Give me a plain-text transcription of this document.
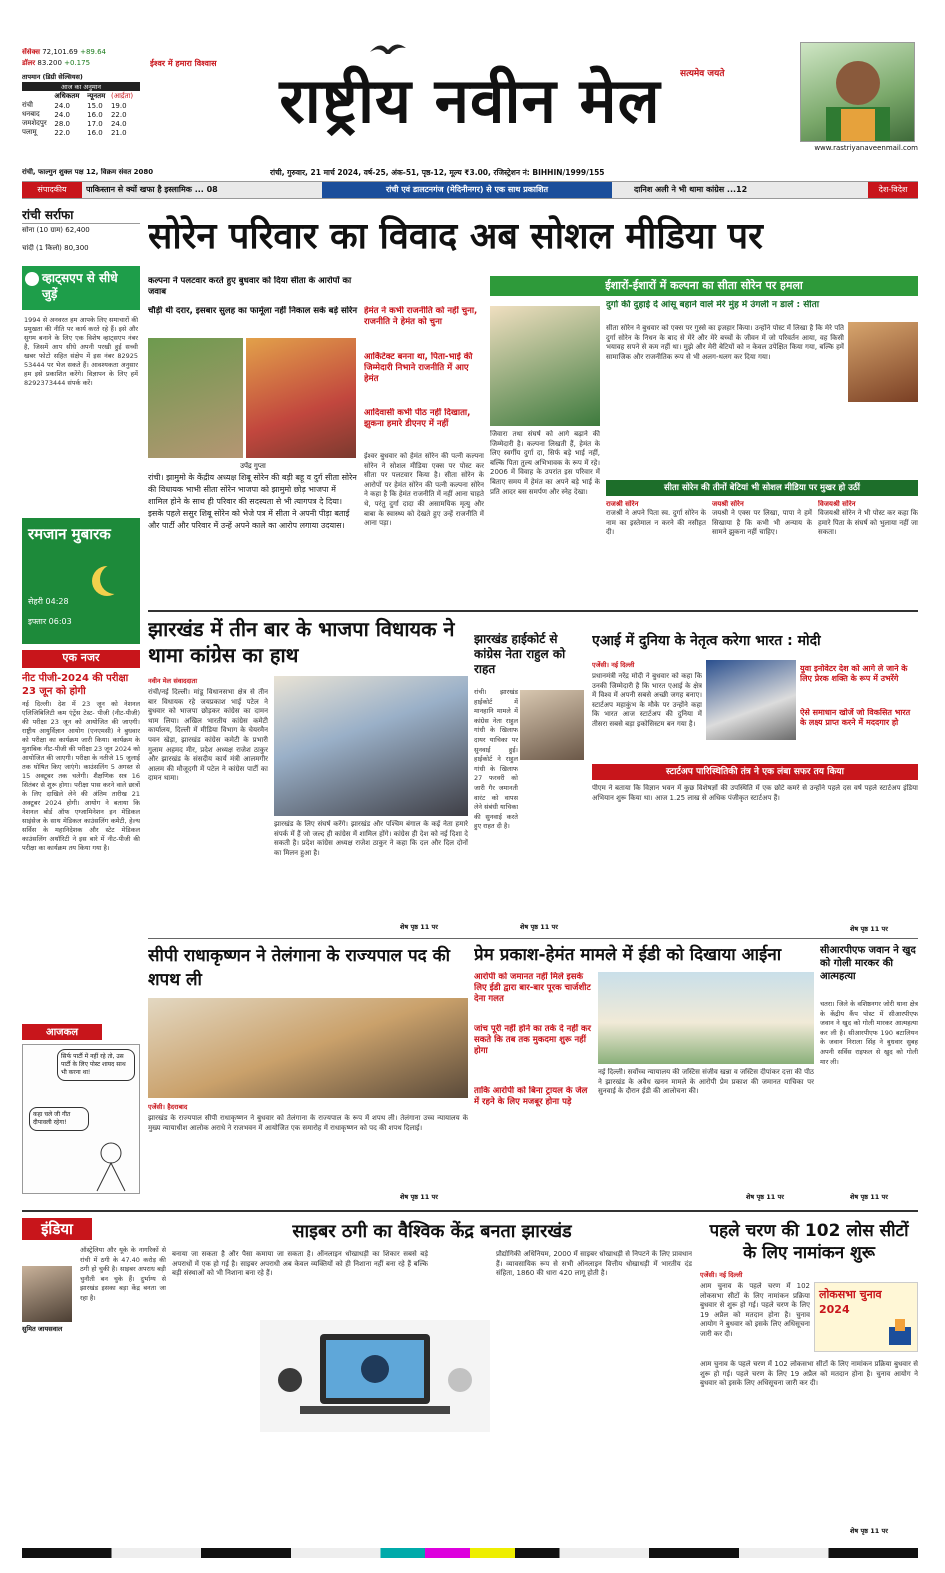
सेंसेक्स 72,101.69 +89.64
डॉलर 83.200 +0.175
तापमान (डिग्री सेल्सियस)
आज का अनुमान
	अधिकतम	न्यूनतम	(आर्द्रता)
रांची	24.0	15.0	19.0
धनबाद	24.0	16.0	22.0
जमशेदपुर	28.0	17.0	24.0
पलामू	22.0	16.0	21.0
ईश्वर में हमारा विश्वास
सत्यमेव जयते
राष्ट्रीय नवीन मेल
www.rastriyanaveenmail.com
रांची, फाल्गुन शुक्ल पक्ष 12, विक्रम संवत 2080	रांची, गुरुवार, 21 मार्च 2024, वर्ष-25, अंक-51, पृष्ठ-12, मूल्य ₹3.00, रजिस्ट्रेशन नं: BIHHIN/1999/155
संपादकीय	पाकिस्तान से क्यों खफा है इस्लामिक ... 08	रांची एवं डालटनगंज (मेदिनीनगर) से एक साथ प्रकाशित	दानिश अली ने भी थामा कांग्रेस ...12	देश-विदेश
रांची सर्राफा
सोना (10 ग्राम) 62,400
चांदी (1 किलो) 80,300
व्हाट्सएप से सीधे जुड़ें
1994 से अनवरत हम आपके लिए समाचारों की प्रमुखता की नीति पर कार्य करते रहे हैं। इसे और सुगम बनाने के लिए एक विशेष व्हाट्सएप नंबर है, जिसमें आप सीधे अपनी परखी हुई सच्ची खबर फोटो सहित संक्षेप में इस नंबर 82925 53444 पर भेज सकते हैं। आवश्यकता अनुसार हम इसे प्रकाशित करेंगे। विज्ञापन के लिए हमें 8292373444 संपर्क करें।
रमजान मुबारक
सेहरी 04:28
इफ्तार 06:03
एक नजर
नीट पीजी-2024 की परीक्षा 23 जून को होगी
नई दिल्ली। देश में 23 जून को नेशनल एलिजिबिलिटी कम एंट्रेंस टेस्ट- पीजी (नीट-पीजी) की परीक्षा 23 जून को आयोजित की जाएगी। राष्ट्रीय आयुर्विज्ञान आयोग (एनएमसी) ने बुधवार को परीक्षा का कार्यक्रम जारी किया। कार्यक्रम के मुताबिक नीट-पीजी की परीक्षा 23 जून 2024 को आयोजित की जाएगी। परीक्षा के नतीजे 15 जुलाई तक घोषित किए जाएंगे। काउंसलिंग 5 अगस्त से 15 अक्टूबर तक चलेगी। शैक्षणिक सत्र 16 सितंबर से शुरू होगा। परीक्षा पास करने वाले छात्रों के लिए दाखिले लेने की अंतिम तारीख 21 अक्टूबर 2024 होगी। आयोग ने बताया कि नेशनल बोर्ड ऑफ एग्जामिनेशन इन मेडिकल साइंसेज के साथ मेडिकल काउंसलिंग कमेटी, हेल्थ सर्विस के महानिदेशक और स्टेट मेडिकल काउंसलिंग अथॉरिटी ने इस बारे में नीट-पीजी की परीक्षा का कार्यक्रम तय किया गया है।
आजकल
सिर्फ पार्टी में नहीं रहे तो, उस पार्टी के लिए पोस्ट शायद साथ भी करना था!
कहा चले जी गीत दीपावली रहेगा!
सोरेन परिवार का विवाद अब सोशल मीडिया पर
कल्पना ने पलटवार करते हुए बुधवार को दिया सीता के आरोपों का जवाब
चौड़ी थी दरार, इसबार सुलह का फार्मूला नहीं निकाल सके बड़े सोरेन
उपेंद्र गुप्ता
रांची। झामुमो के केंद्रीय अध्यक्ष शिबू सोरेन की बड़ी बहू व दुर्ग सीता सोरेन की विधायक भाभी सीता सोरेन भाजपा को झामुमो छोड़ भाजपा में शामिल होने के साथ ही परिवार की सदस्यता से भी त्यागपत्र दे दिया। इसके पहले ससुर शिबू सोरेन को भेजे पत्र में सीता ने अपनी पीड़ा बताई और पार्टी और परिवार में उन्हें अपने काले का आरोप लगाया उदयास।
हेमंत ने कभी राजनीति को नहीं चुना, राजनीति ने हेमंत को चुना
आर्किटेक्ट बनना था, पिता-भाई की जिम्मेदारी निभाने राजनीति में आए हेमंत
आदिवासी कभी पीठ नहीं दिखाता, झुकना हमारे डीएनए में नहीं
ईश्वर बुधवार को हेमंत सोरेन की पत्नी कल्पना सोरेन ने सोशल मीडिया एक्स पर पोस्ट कर सीता पर पलटवार किया है। सीता सोरेन के आरोपों पर हेमंत सोरेन की पत्नी कल्पना सोरेन ने कहा है कि हेमंत राजनीति में नहीं आना चाहते थे, परंतु दुर्गा दादा की असामयिक मृत्यु और बाबा के स्वास्थ्य को देखते हुए उन्हें राजनीति में आना पड़ा।
ईशारों-ईशारों में कल्पना का सीता सोरेन पर हमला
जिवारा तथा संघर्ष को आगे बढ़ाने की जिम्मेदारी है। कल्पना लिखती हैं, हेमंत के लिए स्वर्गीय दुर्गा दा, सिर्फ बड़े भाई नहीं, बल्कि पिता तुल्य अभिभावक के रूप में रहे। 2006 में विवाह के उपरांत इस परिवार में बिताए समय में हेमंत का अपने बड़े भाई के प्रति आदर बस समर्पण और स्नेह देखा।
दुर्गा की दुहाई दे आंसू बहाने वाले मेरे मुंह में उंगली न डालें : सीता
सीता सोरेन ने बुधवार को एक्स पर गुस्से का इजहार किया। उन्होंने पोस्ट में लिखा है कि मेरे पति दुर्गा सोरेन के निधन के बाद से मेरे और मेरे बच्चों के जीवन में जो परिवर्तन आया, वह किसी भयावह सपने से कम नहीं था। मुझे और मेरी बेटियों को न केवल उपेक्षित किया गया, बल्कि हमें सामाजिक और राजनीतिक रूप से भी अलग-थलग कर दिया गया।
सीता सोरेन की तीनों बेटियां भी सोशल मीडिया पर मुखर हो उठीं
राजश्री सोरेन
राजश्री ने अपने पिता स्व. दुर्गा सोरेन के नाम का इस्तेमाल न करने की नसीहत दी।
जयश्री सोरेन
जयश्री ने एक्स पर लिखा, पापा ने हमें सिखाया है कि कभी भी अन्याय के सामने झुकना नहीं चाहिए।
विजयश्री सोरेन
विजयश्री सोरेन ने भी पोस्ट कर कहा कि हमारे पिता के संघर्ष को भुलाया नहीं जा सकता।
झारखंड में तीन बार के भाजपा विधायक ने थामा कांग्रेस का हाथ
नवीन मेल संवाददाता
रांची/नई दिल्ली। मांडू विधानसभा क्षेत्र से तीन बार विधायक रहे जयप्रकाश भाई पटेल ने बुधवार को भाजपा छोड़कर कांग्रेस का दामन थाम लिया। अखिल भारतीय कांग्रेस कमेटी कार्यालय, दिल्ली में मीडिया विभाग के चेयरमैन पवन खेड़ा, झारखंड कांग्रेस कमेटी के प्रभारी गुलाम अहमद मीर, प्रदेश अध्यक्ष राजेश ठाकुर और झारखंड के संसदीय कार्य मंत्री आलमगीर आलम की मौजूदगी में पटेल ने कांग्रेस पार्टी का दामन थामा।
झारखंड के लिए संघर्ष करेंगे। झारखंड और पश्चिम बंगाल के कई नेता हमारे संपर्क में हैं जो जल्द ही कांग्रेस में शामिल होंगे। कांग्रेस ही देश को नई दिशा दे सकती है। प्रदेश कांग्रेस अध्यक्ष राजेश ठाकुर ने कहा कि दल और दिल दोनों का मिलन हुआ है।
शेष पृष्ठ 11 पर
झारखंड हाईकोर्ट से कांग्रेस नेता राहुल को राहत
रांची। झारखंड हाईकोर्ट में मानहानि मामले में कांग्रेस नेता राहुल गांधी के खिलाफ दायर याचिका पर सुनवाई हुई। हाईकोर्ट ने राहुल गांधी के खिलाफ 27 फरवरी को जारी गैर जमानती वारंट को वापस लेने संबंधी याचिका की सुनवाई करते हुए राहत दी है।
शेष पृष्ठ 11 पर
एआई में दुनिया के नेतृत्व करेगा भारत : मोदी
एजेंसी। नई दिल्ली
प्रधानमंत्री नरेंद्र मोदी ने बुधवार को कहा कि उनकी जिम्मेदारी है कि भारत एआई के क्षेत्र में विश्व में अपनी सबसे अच्छी जगह बनाए। स्टार्टअप महाकुंभ के मौके पर उन्होंने कहा कि भारत आज स्टार्टअप की दुनिया में तीसरा सबसे बड़ा इकोसिस्टम बन गया है।
युवा इनोवेटर देश को आगे ले जाने के लिए प्रेरक शक्ति के रूप में उभरेंगे
ऐसे समाधान खोजें जो विकसित भारत के लक्ष्य प्राप्त करने में मददगार हो
स्टार्टअप पारिस्थितिकी तंत्र ने एक लंबा सफर तय किया
पीएम ने बताया कि विज्ञान भवन में कुछ विशेषज्ञों की उपस्थिति में एक छोटे कमरे से उन्होंने पहले दस वर्ष पहले स्टार्टअप इंडिया अभियान शुरू किया था। आज 1.25 लाख से अधिक पंजीकृत स्टार्टअप हैं।
शेष पृष्ठ 11 पर
सीपी राधाकृष्णन ने तेलंगाना के राज्यपाल पद की शपथ ली
एजेंसी। हैदराबाद
झारखंड के राज्यपाल सीपी राधाकृष्णन ने बुधवार को तेलंगाना के राज्यपाल के रूप में शपथ ली। तेलंगाना उच्च न्यायालय के मुख्य न्यायाधीश आलोक अराधे ने राजभवन में आयोजित एक समारोह में राधाकृष्णन को पद की शपथ दिलाई।
शेष पृष्ठ 11 पर
प्रेम प्रकाश-हेमंत मामले में ईडी को दिखाया आईना
आरोपी को जमानत नहीं मिले इसके लिए ईडी द्वारा बार-बार पूरक चार्जशीट देना गलत
जांच पूरी नहीं होने का तर्क दे नहीं कर सकते कि तब तक मुकदमा शुरू नहीं होगा
ताकि आरोपी को बिना ट्रायल के जेल में रहने के लिए मजबूर होना पड़े
नई दिल्ली। सर्वोच्च न्यायालय की जस्टिस संजीव खन्ना व जस्टिस दीपांकर दत्ता की पीठ ने झारखंड के अवैध खनन मामले के आरोपी प्रेम प्रकाश की जमानत याचिका पर सुनवाई के दौरान ईडी की आलोचना की।
शेष पृष्ठ 11 पर
सीआरपीएफ जवान ने खुद को गोली मारकर की आत्महत्या
चतरा। जिले के वशिष्ठनगर जोरी थाना क्षेत्र के केंद्रीय कैंप पोस्ट में सीआरपीएफ जवान ने खुद को गोली मारकर आत्महत्या कर ली है। सीआरपीएफ 190 बटालियन के जवान निराला सिंह ने बुधवार सुबह अपनी सर्विस राइफल से खुद को गोली मार ली।
शेष पृष्ठ 11 पर
इंडिया
सुमित जायसवाल
ऑस्ट्रेलिया और यूके के नागरिकों से रांची में ठगी के 47.40 करोड़ की ठगी हो चुकी है। साइबर अपराध बड़ी चुनौती बन चुके हैं। दुर्भाग्य से झारखंड इसका बड़ा केंद्र बनता जा रहा है।
साइबर ठगी का वैश्विक केंद्र बनता झारखंड
बनाया जा सकता है और पैसा कमाया जा सकता है। ऑनलाइन धोखाधड़ी का शिकार सबसे बड़े अपराधों में एक हो गई है। साइबर अपराधी अब केवल व्यक्तियों को ही निशाना नहीं बना रहे हैं बल्कि बड़ी संस्थाओं को भी निशाना बना रहे हैं।
प्रौद्योगिकी अधिनियम, 2000 में साइबर धोखाधड़ी से निपटने के लिए प्रावधान हैं। व्यावसायिक रूप से सभी ऑनलाइन वित्तीय धोखाधड़ी में भारतीय दंड संहिता, 1860 की धारा 420 लागू होती है।
पहले चरण की 102 लोस सीटों के लिए नामांकन शुरू
एजेंसी। नई दिल्ली
आम चुनाव के पहले चरण में 102 लोकसभा सीटों के लिए नामांकन प्रक्रिया बुधवार से शुरू हो गई। पहले चरण के लिए 19 अप्रैल को मतदान होना है। चुनाव आयोग ने बुधवार को इसके लिए अधिसूचना जारी कर दी।
लोकसभा चुनाव 2024
आम चुनाव के पहले चरण में 102 लोकसभा सीटों के लिए नामांकन प्रक्रिया बुधवार से शुरू हो गई। पहले चरण के लिए 19 अप्रैल को मतदान होना है। चुनाव आयोग ने बुधवार को इसके लिए अधिसूचना जारी कर दी।
शेष पृष्ठ 11 पर
